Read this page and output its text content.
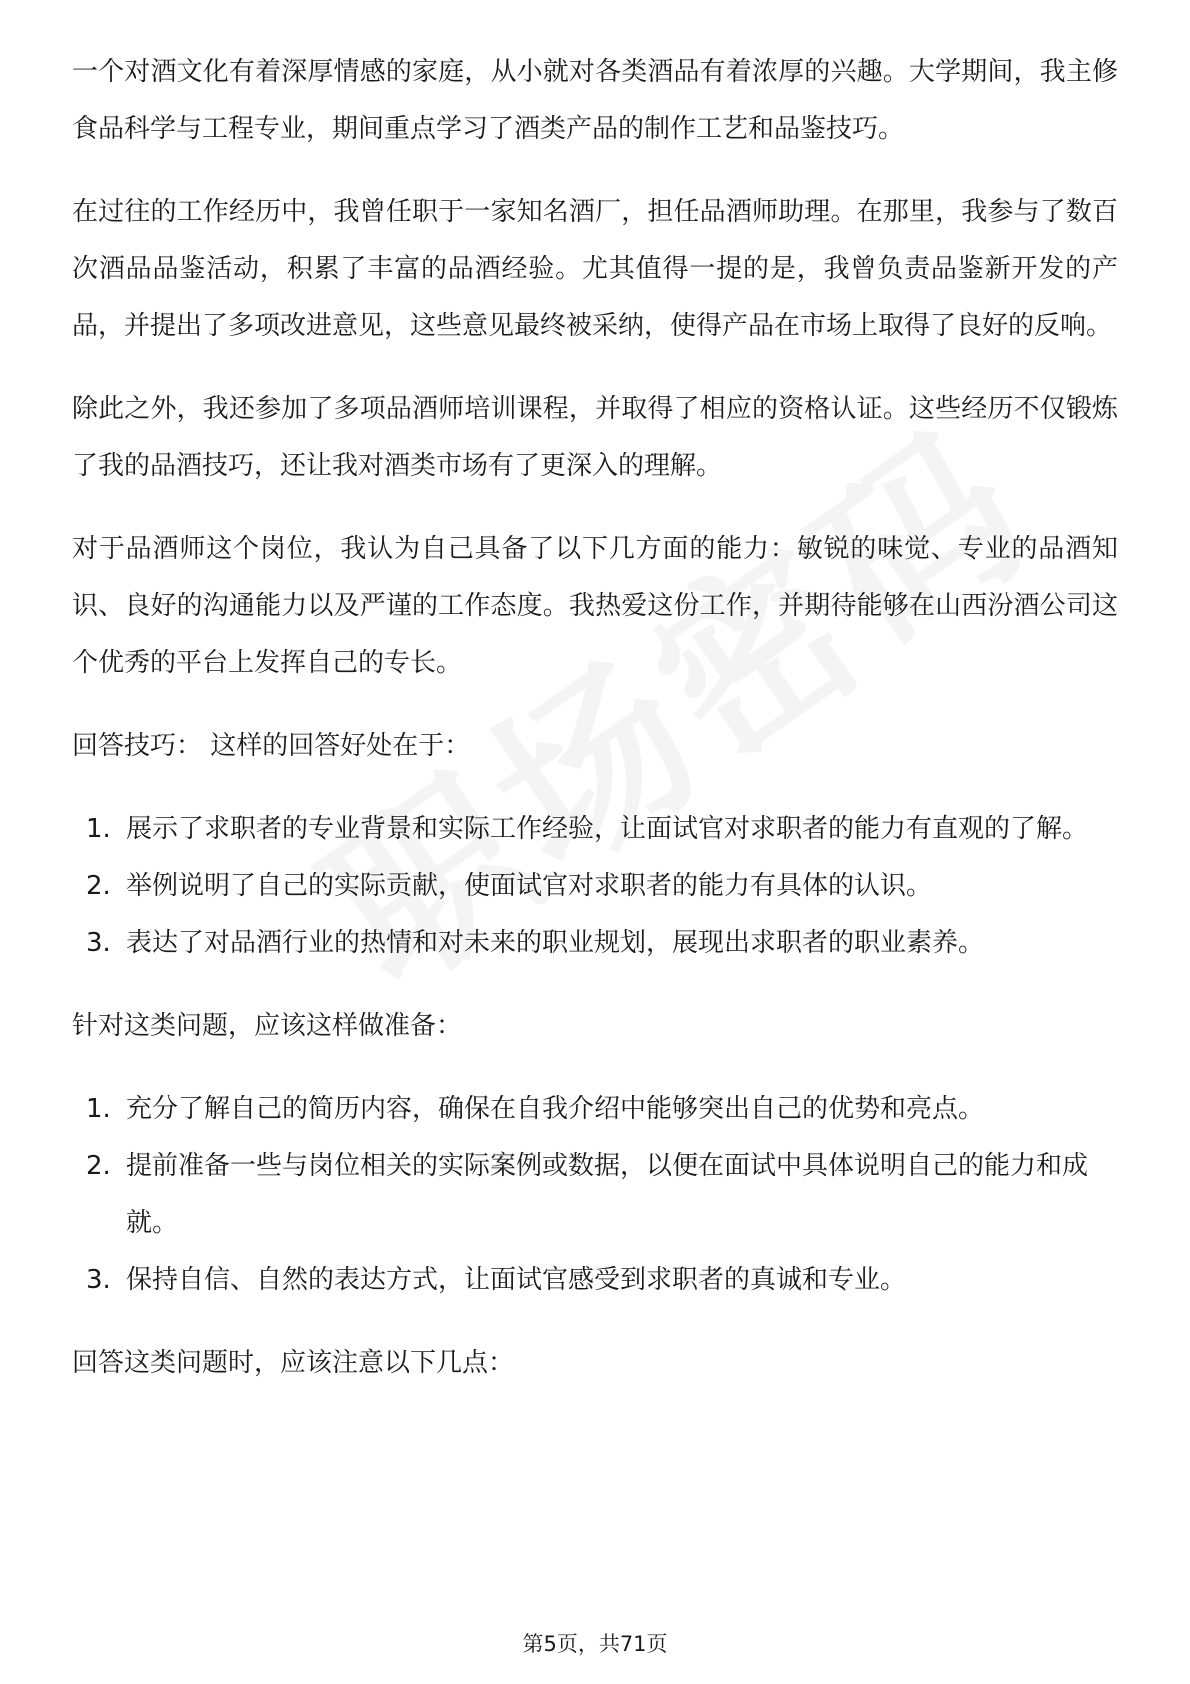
一个对酒文化有着深厚情感的家庭，从小就对各类酒品有着浓厚的兴趣。大学期间，我主修食品科学与工程专业，期间重点学习了酒类产品的制作工艺和品鉴技巧。

在过往的工作经历中，我曾任职于一家知名酒厂，担任品酒师助理。在那里，我参与了数百次酒品品鉴活动，积累了丰富的品酒经验。尤其值得一提的是，我曾负责品鉴新开发的产品，并提出了多项改进意见，这些意见最终被采纳，使得产品在市场上取得了良好的反响。

除此之外，我还参加了多项品酒师培训课程，并取得了相应的资格认证。这些经历不仅锻炼了我的品酒技巧，还让我对酒类市场有了更深入的理解。

对于品酒师这个岗位，我认为自己具备了以下几方面的能力：敏锐的味觉、专业的品酒知识、良好的沟通能力以及严谨的工作态度。我热爱这份工作，并期待能够在山西汾酒公司这个优秀的平台上发挥自己的专长。

回答技巧： 这样的回答好处在于：

1. 展示了求职者的专业背景和实际工作经验，让面试官对求职者的能力有直观的了解。
2. 举例说明了自己的实际贡献，使面试官对求职者的能力有具体的认识。
3. 表达了对品酒行业的热情和对未来的职业规划，展现出求职者的职业素养。

针对这类问题，应该这样做准备：

1. 充分了解自己的简历内容，确保在自我介绍中能够突出自己的优势和亮点。
2. 提前准备一些与岗位相关的实际案例或数据，以便在面试中具体说明自己的能力和成就。
3. 保持自信、自然的表达方式，让面试官感受到求职者的真诚和专业。

回答这类问题时，应该注意以下几点：

第5页，共71页
